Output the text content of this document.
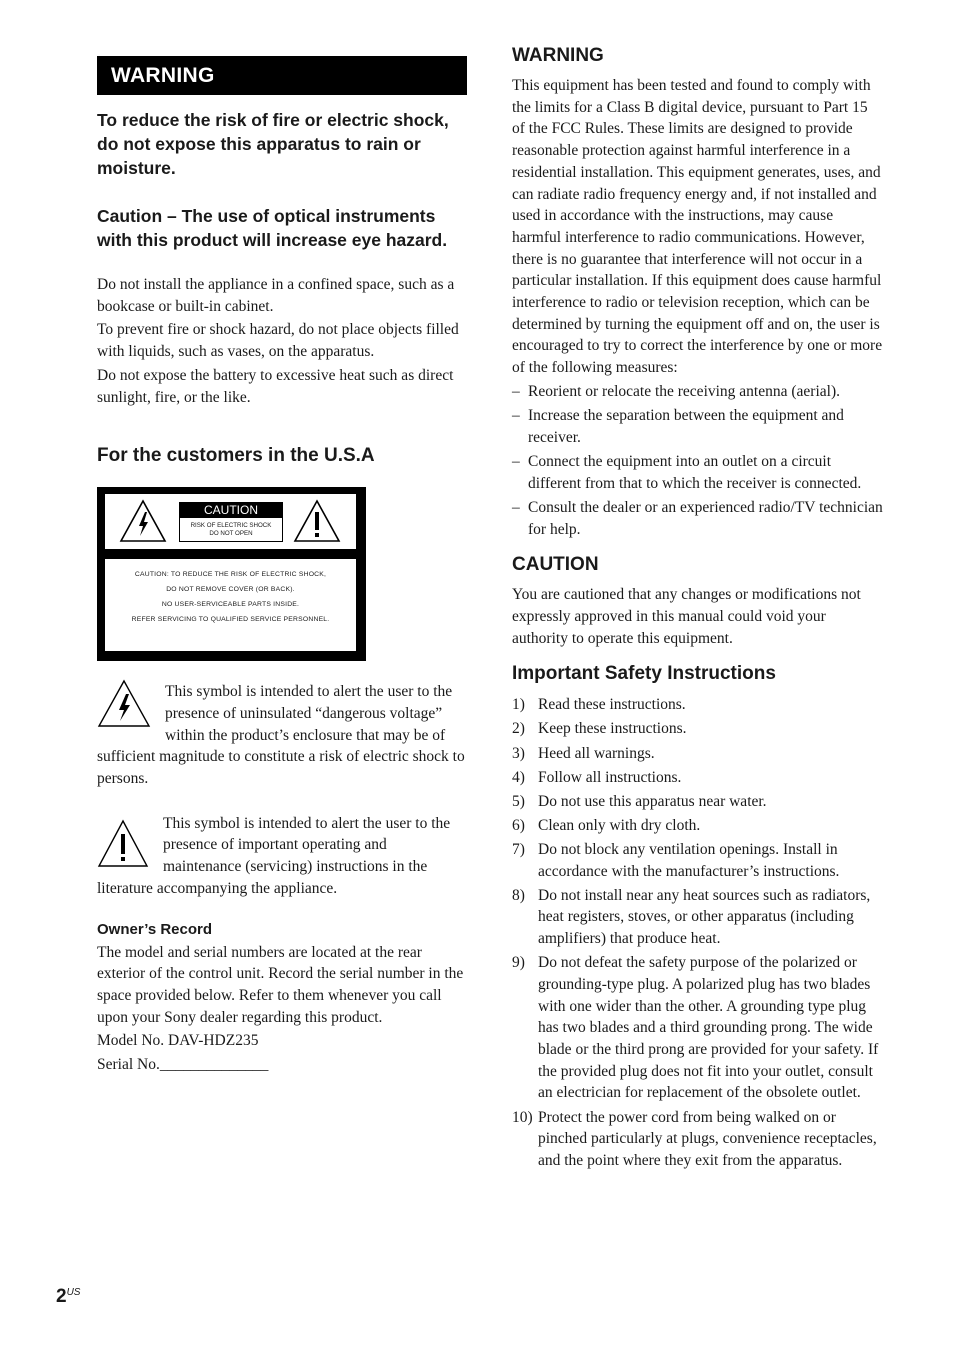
WARNING

To reduce the risk of fire or electric shock, do not expose this apparatus to rain or moisture.

Caution – The use of optical instruments with this product will increase eye hazard.

Do not install the appliance in a confined space, such as a bookcase or built-in cabinet.

To prevent fire or shock hazard, do not place objects filled with liquids, such as vases, on the apparatus.

Do not expose the battery to excessive heat such as direct sunlight, fire, or the like.

For the customers in the U.S.A
CAUTION
RISK OF ELECTRIC SHOCK
DO NOT OPEN
CAUTION: TO REDUCE THE RISK OF ELECTRIC SHOCK,
DO NOT REMOVE COVER (OR BACK).
NO USER-SERVICEABLE PARTS INSIDE.
REFER SERVICING TO QUALIFIED SERVICE PERSONNEL.
This symbol is intended to alert the user to the presence of uninsulated “dangerous voltage” within the product’s enclosure that may be of sufficient magnitude to constitute a risk of electric shock to persons.
This symbol is intended to alert the user to the presence of important operating and maintenance (servicing) instructions in the literature accompanying the appliance.
Owner’s Record

The model and serial numbers are located at the rear exterior of the control unit. Record the serial number in the space provided below. Refer to them whenever you call upon your Sony dealer regarding this product.

Model No. DAV-HDZ235

Serial No.______________

WARNING

This equipment has been tested and found to comply with the limits for a Class B digital device, pursuant to Part 15 of the FCC Rules. These limits are designed to provide reasonable protection against harmful interference in a residential installation. This equipment generates, uses, and can radiate radio frequency energy and, if not installed and used in accordance with the instructions, may cause harmful interference to radio communications. However, there is no guarantee that interference will not occur in a particular installation. If this equipment does cause harmful interference to radio or television reception, which can be determined by turning the equipment off and on, the user is encouraged to try to correct the interference by one or more of the following measures:

– Reorient or relocate the receiving antenna (aerial).
– Increase the separation between the equipment and receiver.
– Connect the equipment into an outlet on a circuit different from that to which the receiver is connected.
– Consult the dealer or an experienced radio/TV technician for help.
CAUTION

You are cautioned that any changes or modifications not expressly approved in this manual could void your authority to operate this equipment.

Important Safety Instructions
1) Read these instructions.
2) Keep these instructions.
3) Heed all warnings.
4) Follow all instructions.
5) Do not use this apparatus near water.
6) Clean only with dry cloth.
7) Do not block any ventilation openings. Install in accordance with the manufacturer’s instructions.
8) Do not install near any heat sources such as radiators, heat registers, stoves, or other apparatus (including amplifiers) that produce heat.
9) Do not defeat the safety purpose of the polarized or grounding-type plug. A polarized plug has two blades with one wider than the other. A grounding type plug has two blades and a third grounding prong. The wide blade or the third prong are provided for your safety. If the provided plug does not fit into your outlet, consult an electrician for replacement of the obsolete outlet.
10) Protect the power cord from being walked on or pinched particularly at plugs, convenience receptacles, and the point where they exit from the apparatus.
$2^{US}$
